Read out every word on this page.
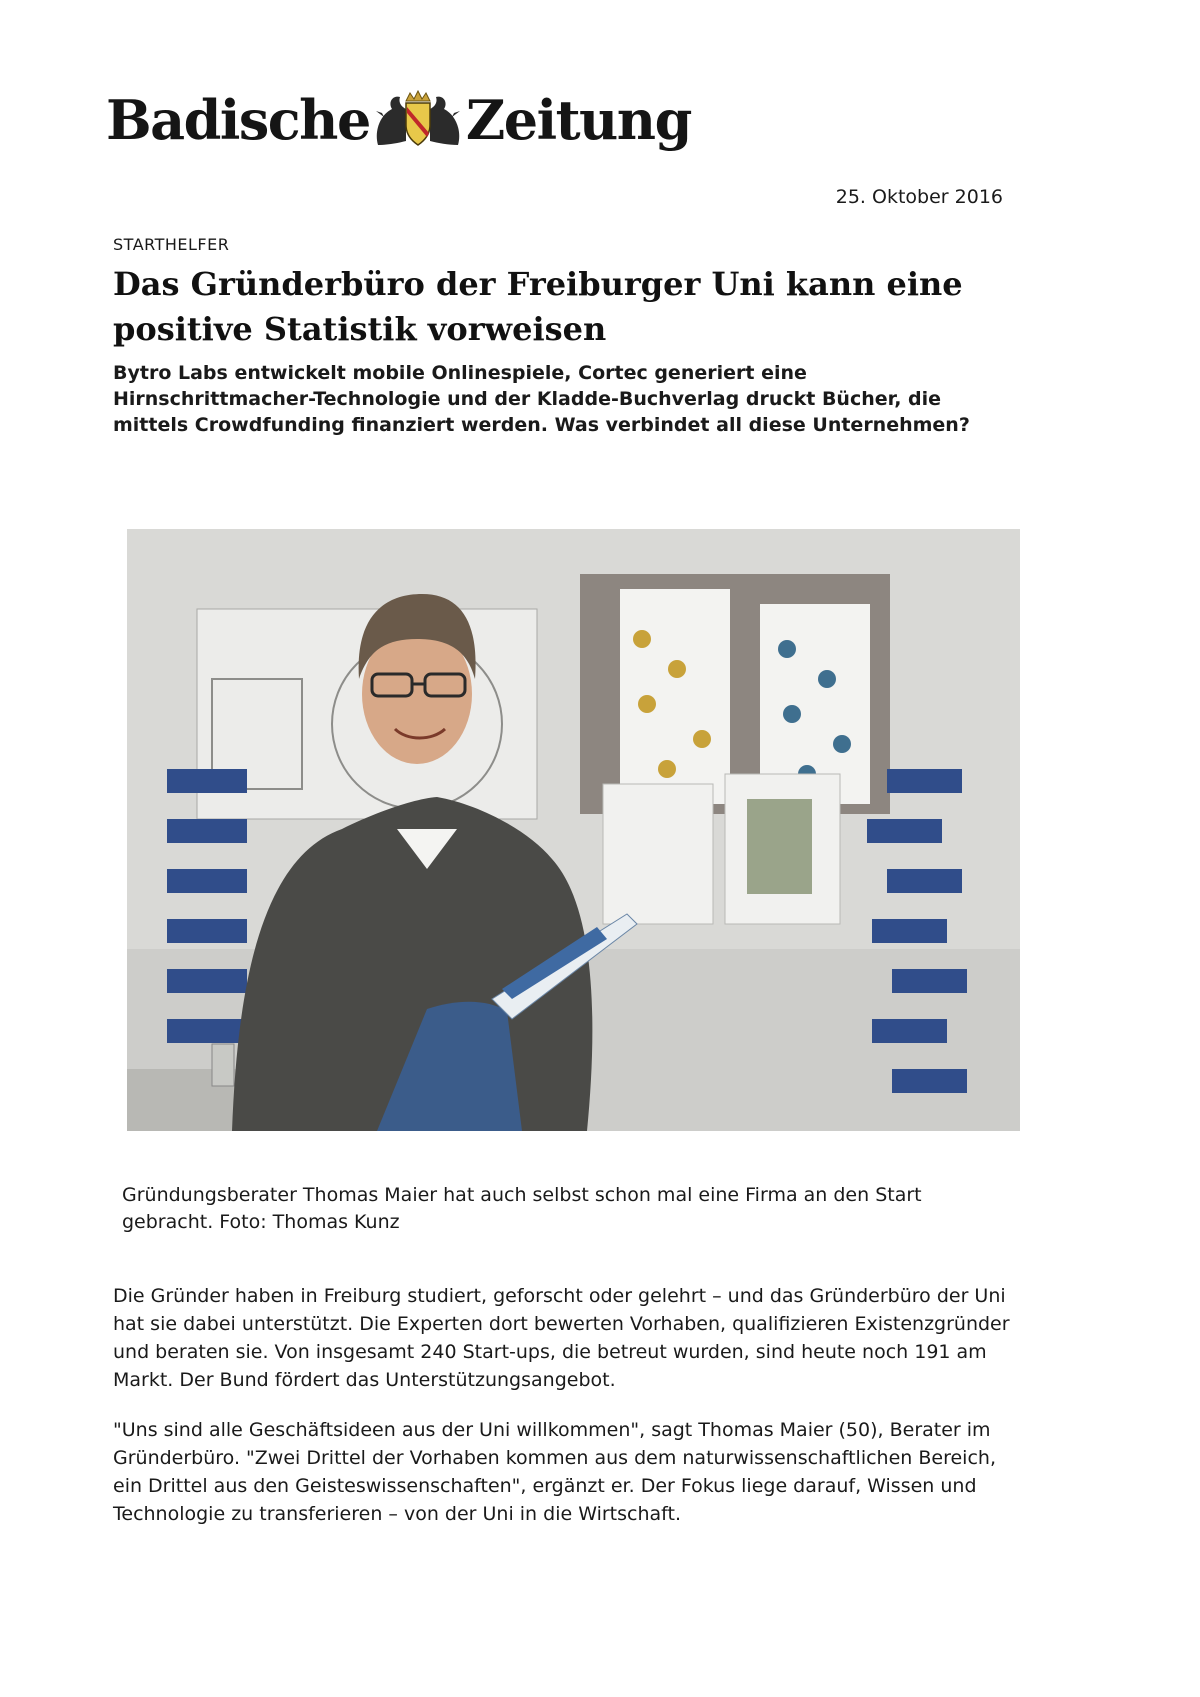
Badische Zeitung
25. Oktober 2016
STARTHELFER
Das Gründerbüro der Freiburger Uni kann eine positive Statistik vorweisen

Bytro Labs entwickelt mobile Onlinespiele, Cortec generiert eine Hirnschrittmacher-Technologie und der Kladde-Buchverlag druckt Bücher, die mittels Crowdfunding finanziert werden. Was verbindet all diese Unternehmen?

Gründungsberater Thomas Maier hat auch selbst schon mal eine Firma an den Start gebracht. Foto: Thomas Kunz

Die Gründer haben in Freiburg studiert, geforscht oder gelehrt – und das Gründerbüro der Uni hat sie dabei unterstützt. Die Experten dort bewerten Vorhaben, qualifizieren Existenzgründer und beraten sie. Von insgesamt 240 Start-ups, die betreut wurden, sind heute noch 191 am Markt. Der Bund fördert das Unterstützungsangebot.

"Uns sind alle Geschäftsideen aus der Uni willkommen", sagt Thomas Maier (50), Berater im Gründerbüro. "Zwei Drittel der Vorhaben kommen aus dem naturwissenschaftlichen Bereich, ein Drittel aus den Geisteswissenschaften", ergänzt er. Der Fokus liege darauf, Wissen und Technologie zu transferieren – von der Uni in die Wirtschaft.
